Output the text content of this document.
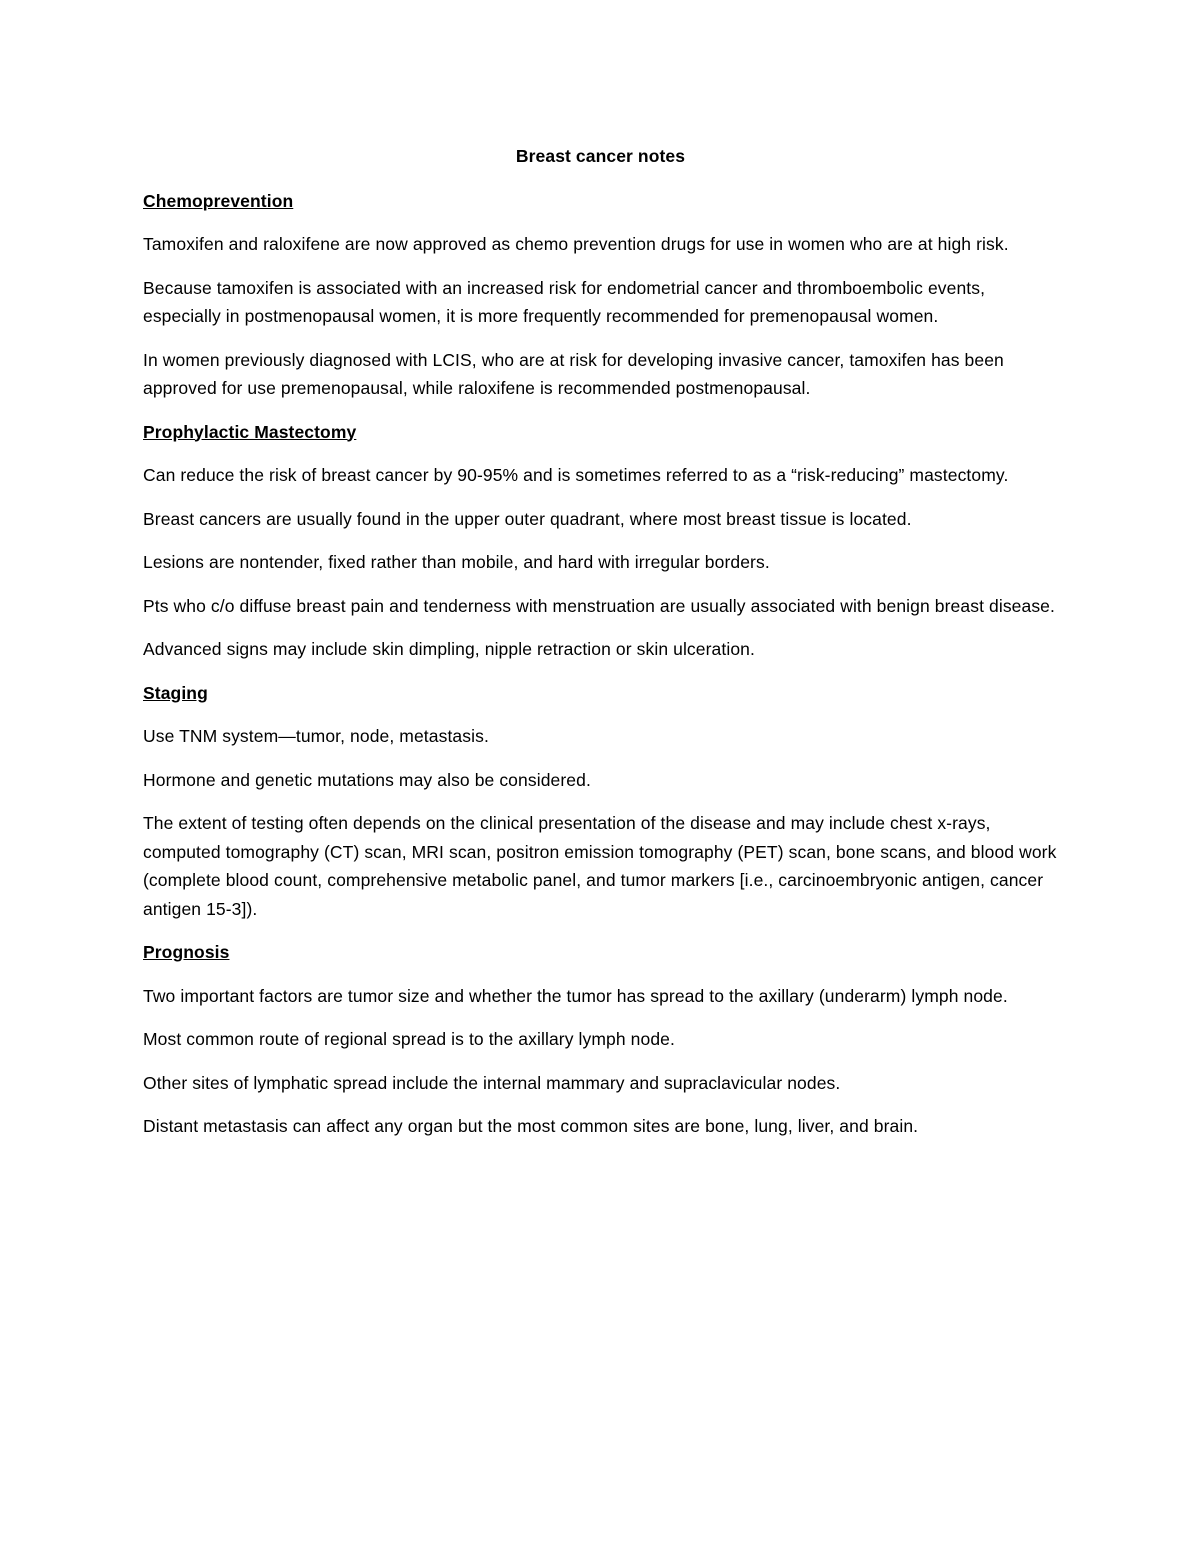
Breast cancer notes
Chemoprevention

Tamoxifen and raloxifene are now approved as chemo prevention drugs for use in women who are at high risk.

Because tamoxifen is associated with an increased risk for endometrial cancer and thromboembolic events, especially in postmenopausal women, it is more frequently recommended for premenopausal women.

In women previously diagnosed with LCIS, who are at risk for developing invasive cancer, tamoxifen has been approved for use premenopausal, while raloxifene is recommended postmenopausal.

Prophylactic Mastectomy

Can reduce the risk of breast cancer by 90-95% and is sometimes referred to as a “risk-reducing” mastectomy.

Breast cancers are usually found in the upper outer quadrant, where most breast tissue is located.

Lesions are nontender, fixed rather than mobile, and hard with irregular borders.

Pts who c/o diffuse breast pain and tenderness with menstruation are usually associated with benign breast disease.

Advanced signs may include skin dimpling, nipple retraction or skin ulceration.

Staging

Use TNM system—tumor, node, metastasis.

Hormone and genetic mutations may also be considered.

The extent of testing often depends on the clinical presentation of the disease and may include chest x-rays, computed tomography (CT) scan, MRI scan, positron emission tomography (PET) scan, bone scans, and blood work (complete blood count, comprehensive metabolic panel, and tumor markers [i.e., carcinoembryonic antigen, cancer antigen 15-3]).

Prognosis

Two important factors are tumor size and whether the tumor has spread to the axillary (underarm) lymph node.

Most common route of regional spread is to the axillary lymph node.

Other sites of lymphatic spread include the internal mammary and supraclavicular nodes.

Distant metastasis can affect any organ but the most common sites are bone, lung, liver, and brain.
